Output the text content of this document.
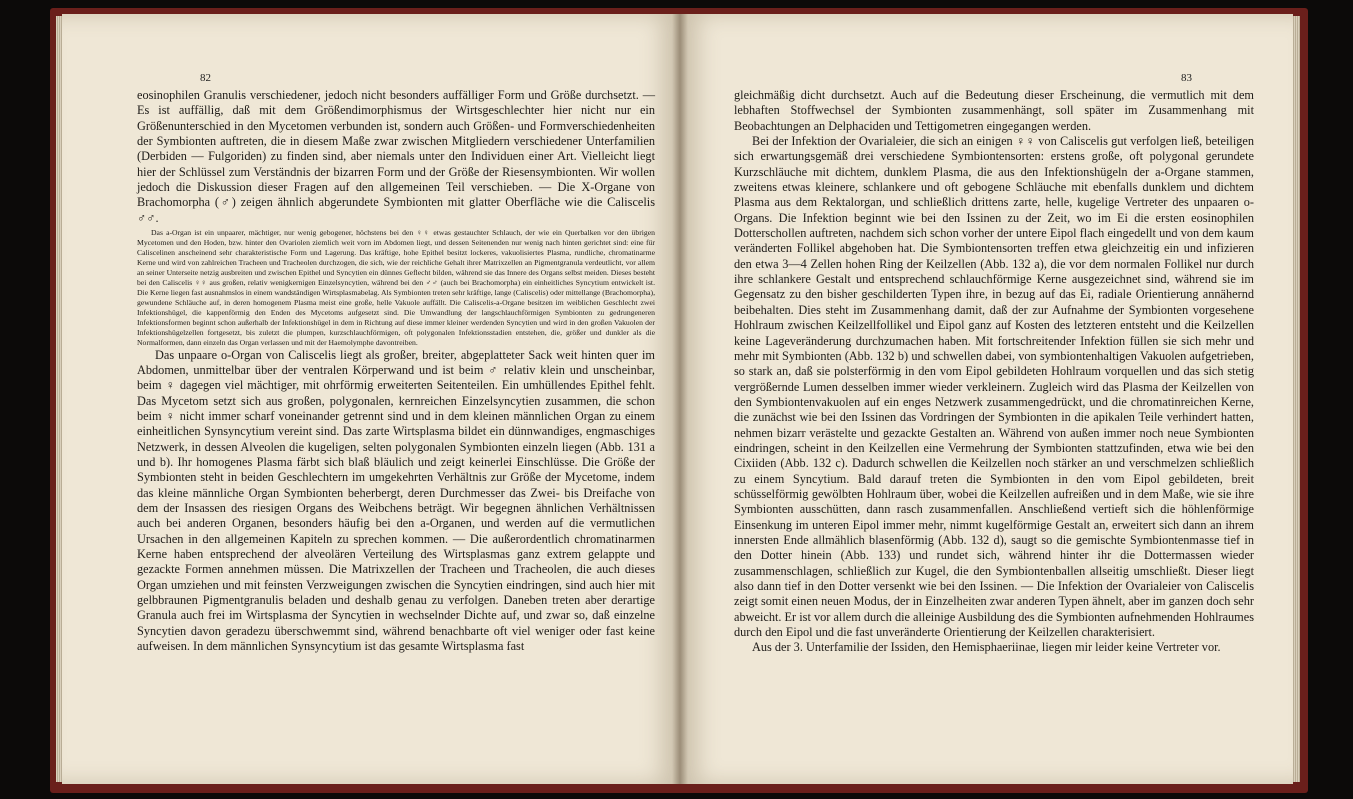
82	83

eosinophilen Granulis verschiedener, jedoch nicht besonders auffälliger Form und Größe durchsetzt. — Es ist auffällig, daß mit dem Größendimorphismus der Wirtsgeschlechter hier nicht nur ein Größenunterschied in den Mycetomen verbunden ist, sondern auch Größen- und Formverschiedenheiten der Symbionten auftreten, die in diesem Maße zwar zwischen Mitgliedern verschiedener Unterfamilien (Derbiden — Fulgoriden) zu finden sind, aber niemals unter den Individuen einer Art. Vielleicht liegt hier der Schlüssel zum Verständnis der bizarren Form und der Größe der Riesensymbionten. Wir wollen jedoch die Diskussion dieser Fragen auf den allgemeinen Teil verschieben. — Die X-Organe von Brachomorpha (♂) zeigen ähnlich abgerundete Symbionten mit glatter Oberfläche wie die Caliscelis ♂♂.

Das a-Organ ist ein unpaarer, mächtiger, nur wenig gebogener, höchstens bei den ♀♀ etwas gestauchter Schlauch, der wie ein Querbalken vor den übrigen Mycetomen und den Hoden, bzw. hinter den Ovariolen ziemlich weit vorn im Abdomen liegt, und dessen Seitenenden nur wenig nach hinten gerichtet sind: eine für Caliscelinen anscheinend sehr charakteristische Form und Lagerung. Das kräftige, hohe Epithel besitzt lockeres, vakuolisiertes Plasma, rundliche, chromatinarme Kerne und wird von zahlreichen Tracheen und Tracheolen durchzogen, die sich, wie der reichliche Gehalt ihrer Matrixzellen an Pigmentgranula verdeutlicht, vor allem an seiner Unterseite netzig ausbreiten und zwischen Epithel und Syncytien ein dünnes Geflecht bilden, während sie das Innere des Organs selbst meiden. Dieses besteht bei den Caliscelis ♀♀ aus großen, relativ wenigkernigen Einzelsyncytien, während bei den ♂♂ (auch bei Brachomorpha) ein einheitliches Syncytium entwickelt ist. Die Kerne liegen fast ausnahmslos in einem wandständigen Wirtsplasmabelag. Als Symbionten treten sehr kräftige, lange (Caliscelis) oder mittellange (Brachomorpha), gewundene Schläuche auf, in deren homogenem Plasma meist eine große, helle Vakuole auffällt. Die Caliscelis-a-Organe besitzen im weiblichen Geschlecht zwei Infektionshügel, die kappenförmig den Enden des Mycetoms aufgesetzt sind. Die Umwandlung der langschlauchförmigen Symbionten zu gedrungeneren Infektionsformen beginnt schon außerhalb der Infektionshügel in dem in Richtung auf diese immer kleiner werdenden Syncytien und wird in den großen Vakuolen der Infektionshügelzellen fortgesetzt, bis zuletzt die plumpen, kurzschlauchförmigen, oft polygonalen Infektionsstadien entstehen, die, größer und dunkler als die Normalformen, dann einzeln das Organ verlassen und mit der Haemolymphe davontreiben.

Das unpaare o-Organ von Caliscelis liegt als großer, breiter, abgeplatteter Sack weit hinten quer im Abdomen, unmittelbar über der ventralen Körperwand und ist beim ♂ relativ klein und unscheinbar, beim ♀ dagegen viel mächtiger, mit ohrförmig erweiterten Seitenteilen. Ein umhüllendes Epithel fehlt. Das Mycetom setzt sich aus großen, polygonalen, kernreichen Einzelsyncytien zusammen, die schon beim ♀ nicht immer scharf voneinander getrennt sind und in dem kleinen männlichen Organ zu einem einheitlichen Synsyncytium vereint sind. Das zarte Wirtsplasma bildet ein dünnwandiges, engmaschiges Netzwerk, in dessen Alveolen die kugeligen, selten polygonalen Symbionten einzeln liegen (Abb. 131 a und b). Ihr homogenes Plasma färbt sich blaß bläulich und zeigt keinerlei Einschlüsse. Die Größe der Symbionten steht in beiden Geschlechtern im umgekehrten Verhältnis zur Größe der Mycetome, indem das kleine männliche Organ Symbionten beherbergt, deren Durchmesser das Zwei- bis Dreifache von dem der Insassen des riesigen Organs des Weibchens beträgt. Wir begegnen ähnlichen Verhältnissen auch bei anderen Organen, besonders häufig bei den a-Organen, und werden auf die vermutlichen Ursachen in den allgemeinen Kapiteln zu sprechen kommen. — Die außerordentlich chromatinarmen Kerne haben entsprechend der alveolären Verteilung des Wirtsplasmas ganz extrem gelappte und gezackte Formen annehmen müssen. Die Matrixzellen der Tracheen und Tracheolen, die auch dieses Organ umziehen und mit feinsten Verzweigungen zwischen die Syncytien eindringen, sind auch hier mit gelbbraunen Pigmentgranulis beladen und deshalb genau zu verfolgen. Daneben treten aber derartige Granula auch frei im Wirtsplasma der Syncytien in wechselnder Dichte auf, und zwar so, daß einzelne Syncytien davon geradezu überschwemmt sind, während benachbarte oft viel weniger oder fast keine aufweisen. In dem männlichen Synsyncytium ist das gesamte Wirtsplasma fast

gleichmäßig dicht durchsetzt. Auch auf die Bedeutung dieser Erscheinung, die vermutlich mit dem lebhaften Stoffwechsel der Symbionten zusammenhängt, soll später im Zusammenhang mit Beobachtungen an Delphaciden und Tettigometren eingegangen werden.

Bei der Infektion der Ovarialeier, die sich an einigen ♀♀ von Caliscelis gut verfolgen ließ, beteiligen sich erwartungsgemäß drei verschiedene Symbiontensorten: erstens große, oft polygonal gerundete Kurzschläuche mit dichtem, dunklem Plasma, die aus den Infektionshügeln der a-Organe stammen, zweitens etwas kleinere, schlankere und oft gebogene Schläuche mit ebenfalls dunklem und dichtem Plasma aus dem Rektalorgan, und schließlich drittens zarte, helle, kugelige Vertreter des unpaaren o-Organs. Die Infektion beginnt wie bei den Issinen zu der Zeit, wo im Ei die ersten eosinophilen Dotterschollen auftreten, nachdem sich schon vorher der untere Eipol flach eingedellt und von dem kaum veränderten Follikel abgehoben hat. Die Symbiontensorten treffen etwa gleichzeitig ein und infizieren den etwa 3—4 Zellen hohen Ring der Keilzellen (Abb. 132 a), die vor dem normalen Follikel nur durch ihre schlankere Gestalt und entsprechend schlauchförmige Kerne ausgezeichnet sind, während sie im Gegensatz zu den bisher geschilderten Typen ihre, in bezug auf das Ei, radiale Orientierung annähernd beibehalten. Dies steht im Zusammenhang damit, daß der zur Aufnahme der Symbionten vorgesehene Hohlraum zwischen Keilzellfollikel und Eipol ganz auf Kosten des letzteren entsteht und die Keilzellen keine Lageveränderung durchzumachen haben. Mit fortschreitender Infektion füllen sie sich mehr und mehr mit Symbionten (Abb. 132 b) und schwellen dabei, von symbiontenhaltigen Vakuolen aufgetrieben, so stark an, daß sie polsterförmig in den vom Eipol gebildeten Hohlraum vorquellen und das sich stetig vergrößernde Lumen desselben immer wieder verkleinern. Zugleich wird das Plasma der Keilzellen von den Symbiontenvakuolen auf ein enges Netzwerk zusammengedrückt, und die chromatinreichen Kerne, die zunächst wie bei den Issinen das Vordringen der Symbionten in die apikalen Teile verhindert hatten, nehmen bizarr verästelte und gezackte Gestalten an. Während von außen immer noch neue Symbionten eindringen, scheint in den Keilzellen eine Vermehrung der Symbionten stattzufinden, etwa wie bei den Cixiiden (Abb. 132 c). Dadurch schwellen die Keilzellen noch stärker an und verschmelzen schließlich zu einem Syncytium. Bald darauf treten die Symbionten in den vom Eipol gebildeten, breit schüsselförmig gewölbten Hohlraum über, wobei die Keilzellen aufreißen und in dem Maße, wie sie ihre Symbionten ausschütten, dann rasch zusammenfallen. Anschließend vertieft sich die höhlenförmige Einsenkung im unteren Eipol immer mehr, nimmt kugelförmige Gestalt an, erweitert sich dann an ihrem innersten Ende allmählich blasenförmig (Abb. 132 d), saugt so die gemischte Symbiontenmasse tief in den Dotter hinein (Abb. 133) und rundet sich, während hinter ihr die Dottermassen wieder zusammenschlagen, schließlich zur Kugel, die den Symbiontenballen allseitig umschließt. Dieser liegt also dann tief in den Dotter versenkt wie bei den Issinen. — Die Infektion der Ovarialeier von Caliscelis zeigt somit einen neuen Modus, der in Einzelheiten zwar anderen Typen ähnelt, aber im ganzen doch sehr abweicht. Er ist vor allem durch die alleinige Ausbildung des die Symbionten aufnehmenden Hohlraumes durch den Eipol und die fast unveränderte Orientierung der Keilzellen charakterisiert.

Aus der 3. Unterfamilie der Issiden, den Hemisphaeriinae, liegen mir leider keine Vertreter vor.
